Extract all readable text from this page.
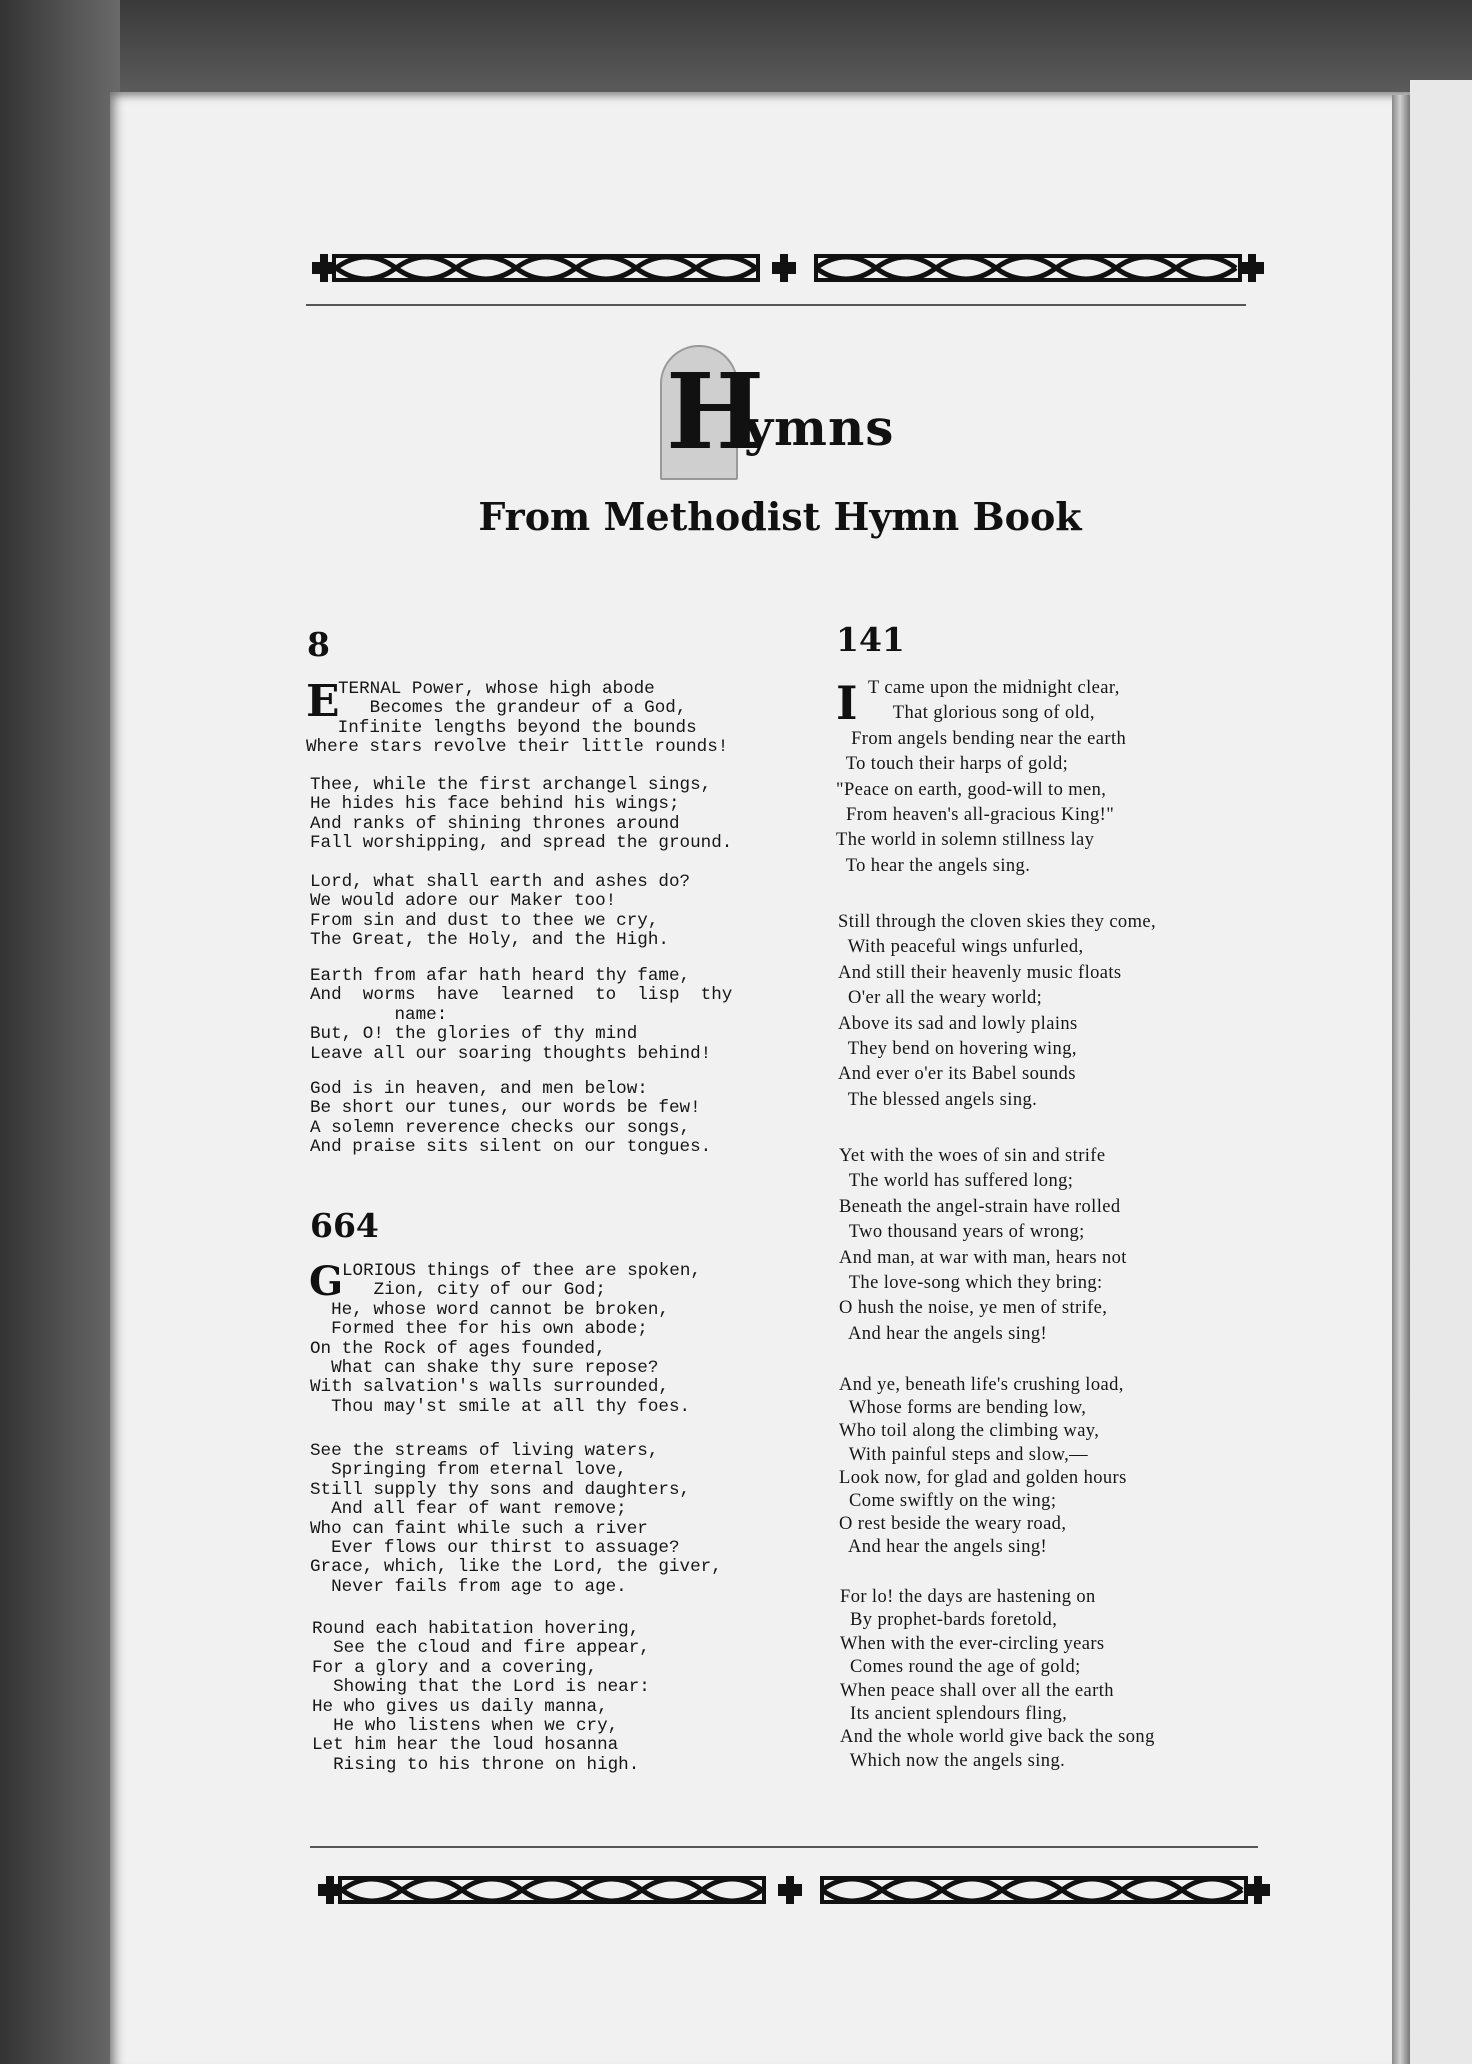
H
ymns
From Methodist Hymn Book
8
E
TERNAL Power, whose high abode
Becomes the grandeur of a God,
Infinite lengths beyond the bounds
Where stars revolve their little rounds!
Thee, while the first archangel sings,
He hides his face behind his wings;
And ranks of shining thrones around
Fall worshipping, and spread the ground.
Lord, what shall earth and ashes do?
We would adore our Maker too!
From sin and dust to thee we cry,
The Great, the Holy, and the High.
Earth from afar hath heard thy fame,
And  worms  have  learned  to  lisp  thy
name:
But, O! the glories of thy mind
Leave all our soaring thoughts behind!
God is in heaven, and men below:
Be short our tunes, our words be few!
A solemn reverence checks our songs,
And praise sits silent on our tongues.
664
G
LORIOUS things of thee are spoken,
Zion, city of our God;
He, whose word cannot be broken,
Formed thee for his own abode;
On the Rock of ages founded,
What can shake thy sure repose?
With salvation's walls surrounded,
Thou may'st smile at all thy foes.
See the streams of living waters,
Springing from eternal love,
Still supply thy sons and daughters,
And all fear of want remove;
Who can faint while such a river
Ever flows our thirst to assuage?
Grace, which, like the Lord, the giver,
Never fails from age to age.
Round each habitation hovering,
See the cloud and fire appear,
For a glory and a covering,
Showing that the Lord is near:
He who gives us daily manna,
He who listens when we cry,
Let him hear the loud hosanna
Rising to his throne on high.
141
I T came upon the midnight clear,
That glorious song of old,
From angels bending near the earth
To touch their harps of gold;
"Peace on earth, good-will to men,
From heaven's all-gracious King!"
The world in solemn stillness lay
To hear the angels sing.
Still through the cloven skies they come,
With peaceful wings unfurled,
And still their heavenly music floats
O'er all the weary world;
Above its sad and lowly plains
They bend on hovering wing,
And ever o'er its Babel sounds
The blessed angels sing.
Yet with the woes of sin and strife
The world has suffered long;
Beneath the angel-strain have rolled
Two thousand years of wrong;
And man, at war with man, hears not
The love-song which they bring:
O hush the noise, ye men of strife,
And hear the angels sing!
And ye, beneath life's crushing load,
Whose forms are bending low,
Who toil along the climbing way,
With painful steps and slow,—
Look now, for glad and golden hours
Come swiftly on the wing;
O rest beside the weary road,
And hear the angels sing!
For lo! the days are hastening on
By prophet-bards foretold,
When with the ever-circling years
Comes round the age of gold;
When peace shall over all the earth
Its ancient splendours fling,
And the whole world give back the song
Which now the angels sing.
